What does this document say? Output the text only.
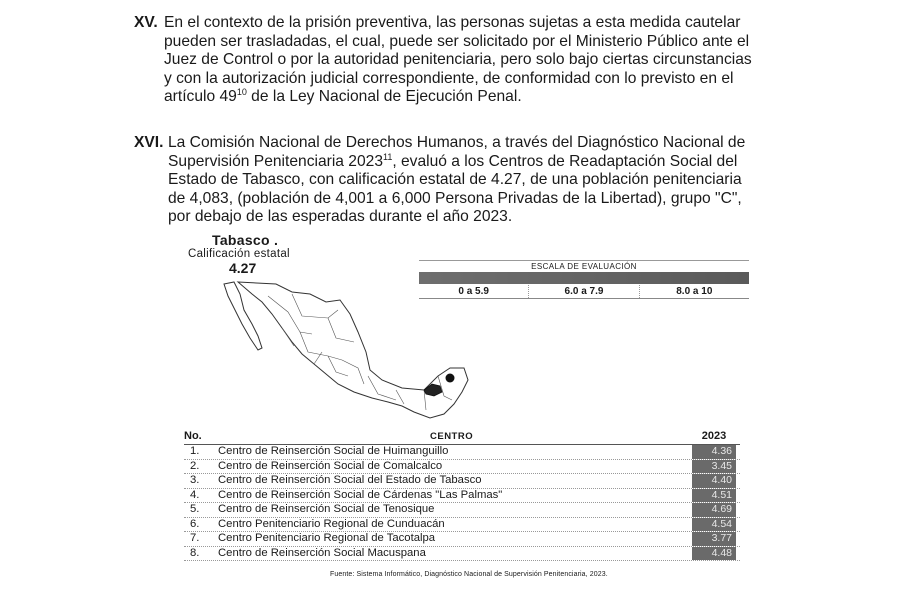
XV. En el contexto de la prisión preventiva, las personas sujetas a esta medida cautelar
pueden ser trasladadas, el cual, puede ser solicitado por el Ministerio Público ante el
Juez de Control o por la autoridad penitenciaria, pero solo bajo ciertas circunstancias
y con la autorización judicial correspondiente, de conformidad con lo previsto en el
artículo $49^{10}$ de la Ley Nacional de Ejecución Penal.
XVI. La Comisión Nacional de Derechos Humanos, a través del Diagnóstico Nacional de
Supervisión Penitenciaria 2023$^{11}$, evaluó a los Centros de Readaptación Social del
Estado de Tabasco, con calificación estatal de 4.27, de una población penitenciaria
de 4,083, (población de 4,001 a 6,000 Persona Privadas de la Libertad), grupo "C",
por debajo de las esperadas durante el año 2023.
Tabasco .
Calificación estatal
4.27	ESCALA DE EVALUACIÓN
0 a 5.9	6.0 a 7.9	8.0 a 10
No.	CENTRO	2023
1. Centro de Reinserción Social de Huimanguillo	4.36
2. Centro de Reinserción Social de Comalcalco	3.45
3. Centro de Reinserción Social del Estado de Tabasco	4.40
4. Centro de Reinserción Social de Cárdenas "Las Palmas"	4.51
5. Centro de Reinserción Social de Tenosique	4.69
6. Centro Penitenciario Regional de Cunduacán	4.54
7. Centro Penitenciario Regional de Tacotalpa	3.77
8. Centro de Reinserción Social Macuspana	4.48
Fuente: Sistema Informático, Diagnóstico Nacional de Supervisión Penitenciaria, 2023.
